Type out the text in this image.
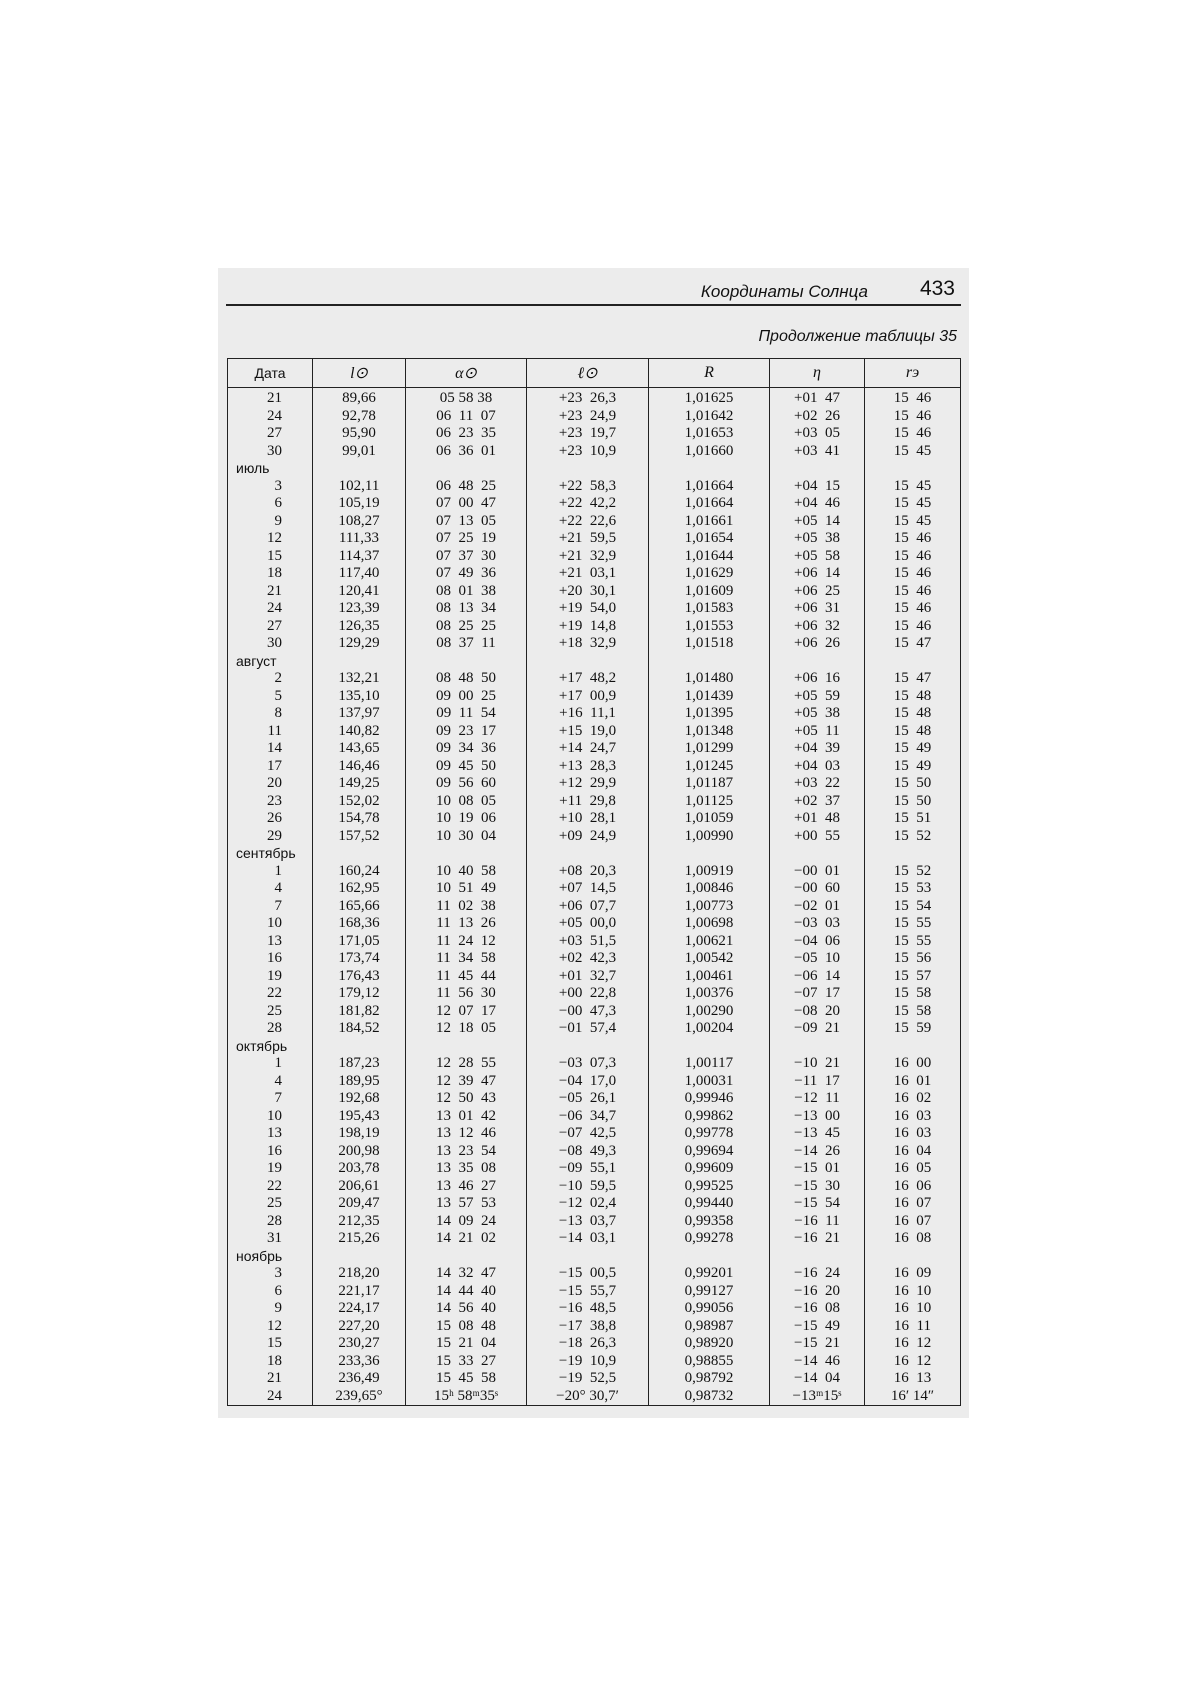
Координаты Солнца 433
Продолжение таблицы 35
Дата	l⊙	α⊙	ℓ⊙	R	η	rэ
21	89,66	05 58 38	+23  26,3	1,01625	+01  47	15  46
24	92,78	06  11  07	+23  24,9	1,01642	+02  26	15  46
27	95,90	06  23  35	+23  19,7	1,01653	+03  05	15  46
30	99,01	06  36  01	+23  10,9	1,01660	+03  41	15  45
июль						
3	102,11	06  48  25	+22  58,3	1,01664	+04  15	15  45
6	105,19	07  00  47	+22  42,2	1,01664	+04  46	15  45
9	108,27	07  13  05	+22  22,6	1,01661	+05  14	15  45
12	111,33	07  25  19	+21  59,5	1,01654	+05  38	15  46
15	114,37	07  37  30	+21  32,9	1,01644	+05  58	15  46
18	117,40	07  49  36	+21  03,1	1,01629	+06  14	15  46
21	120,41	08  01  38	+20  30,1	1,01609	+06  25	15  46
24	123,39	08  13  34	+19  54,0	1,01583	+06  31	15  46
27	126,35	08  25  25	+19  14,8	1,01553	+06  32	15  46
30	129,29	08  37  11	+18  32,9	1,01518	+06  26	15  47
август						
2	132,21	08  48  50	+17  48,2	1,01480	+06  16	15  47
5	135,10	09  00  25	+17  00,9	1,01439	+05  59	15  48
8	137,97	09  11  54	+16  11,1	1,01395	+05  38	15  48
11	140,82	09  23  17	+15  19,0	1,01348	+05  11	15  48
14	143,65	09  34  36	+14  24,7	1,01299	+04  39	15  49
17	146,46	09  45  50	+13  28,3	1,01245	+04  03	15  49
20	149,25	09  56  60	+12  29,9	1,01187	+03  22	15  50
23	152,02	10  08  05	+11  29,8	1,01125	+02  37	15  50
26	154,78	10  19  06	+10  28,1	1,01059	+01  48	15  51
29	157,52	10  30  04	+09  24,9	1,00990	+00  55	15  52
сентябрь						
1	160,24	10  40  58	+08  20,3	1,00919	−00  01	15  52
4	162,95	10  51  49	+07  14,5	1,00846	−00  60	15  53
7	165,66	11  02  38	+06  07,7	1,00773	−02  01	15  54
10	168,36	11  13  26	+05  00,0	1,00698	−03  03	15  55
13	171,05	11  24  12	+03  51,5	1,00621	−04  06	15  55
16	173,74	11  34  58	+02  42,3	1,00542	−05  10	15  56
19	176,43	11  45  44	+01  32,7	1,00461	−06  14	15  57
22	179,12	11  56  30	+00  22,8	1,00376	−07  17	15  58
25	181,82	12  07  17	−00  47,3	1,00290	−08  20	15  58
28	184,52	12  18  05	−01  57,4	1,00204	−09  21	15  59
октябрь						
1	187,23	12  28  55	−03  07,3	1,00117	−10  21	16  00
4	189,95	12  39  47	−04  17,0	1,00031	−11  17	16  01
7	192,68	12  50  43	−05  26,1	0,99946	−12  11	16  02
10	195,43	13  01  42	−06  34,7	0,99862	−13  00	16  03
13	198,19	13  12  46	−07  42,5	0,99778	−13  45	16  03
16	200,98	13  23  54	−08  49,3	0,99694	−14  26	16  04
19	203,78	13  35  08	−09  55,1	0,99609	−15  01	16  05
22	206,61	13  46  27	−10  59,5	0,99525	−15  30	16  06
25	209,47	13  57  53	−12  02,4	0,99440	−15  54	16  07
28	212,35	14  09  24	−13  03,7	0,99358	−16  11	16  07
31	215,26	14  21  02	−14  03,1	0,99278	−16  21	16  08
ноябрь						
3	218,20	14  32  47	−15  00,5	0,99201	−16  24	16  09
6	221,17	14  44  40	−15  55,7	0,99127	−16  20	16  10
9	224,17	14  56  40	−16  48,5	0,99056	−16  08	16  10
12	227,20	15  08  48	−17  38,8	0,98987	−15  49	16  11
15	230,27	15  21  04	−18  26,3	0,98920	−15  21	16  12
18	233,36	15  33  27	−19  10,9	0,98855	−14  46	16  12
21	236,49	15  45  58	−19  52,5	0,98792	−14  04	16  13
24	239,65°	15ʰ 58ᵐ35ˢ	−20° 30,7′	0,98732	−13ᵐ15ˢ	16′ 14″
